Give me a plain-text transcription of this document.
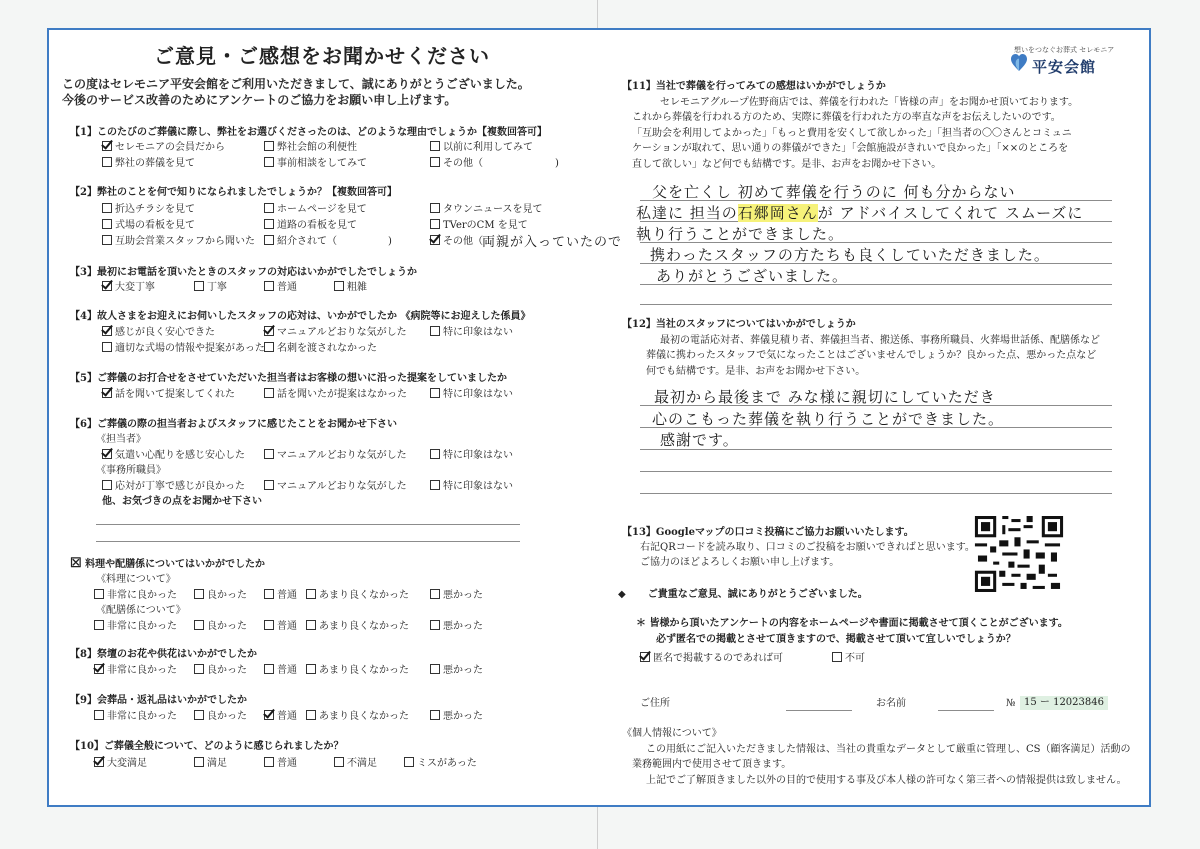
ご意見・ご感想をお聞かせください
この度はセレモニア平安会館をご利用いただきまして、誠にありがとうございました。
今後のサービス改善のためにアンケートのご協力をお願い申し上げます。
【1】このたびのご葬儀に際し、弊社をお選びくださったのは、どのような理由でしょうか【複数回答可】
セレモニアの会員だから	弊社会館の利便性	以前に利用してみて
弊社の葬儀を見て	事前相談をしてみて	その他（	)
【2】弊社のことを何で知りになられましたでしょうか？【複数回答可】
折込チラシを見て	ホームページを見て	タウンニュースを見て
式場の看板を見て	道路の看板を見て	TVerのCM を見て
互助会営業スタッフから聞いた	紹介されて（	)	その他（ 両親が入っていたので
【3】最初にお電話を頂いたときのスタッフの対応はいかがでしたでしょうか
大変丁寧	丁寧	普通	粗雑
【4】故人さまをお迎えにお伺いしたスタッフの応対は、いかがでしたか 《病院等にお迎えした係員》
感じが良く安心できた	マニュアルどおりな気がした	特に印象はない
適切な式場の情報や提案があった	名刺を渡されなかった
【5】ご葬儀のお打合せをさせていただいた担当者はお客様の想いに沿った提案をしていましたか
話を聞いて提案してくれた	話を聞いたが提案はなかった	特に印象はない
【6】ご葬儀の際の担当者およびスタッフに感じたことをお聞かせ下さい
《担当者》
気遣い心配りを感じ安心した	マニュアルどおりな気がした	特に印象はない
《事務所職員》
応対が丁寧で感じが良かった	マニュアルどおりな気がした	特に印象はない
他、お気づきの点をお聞かせ下さい
☒ 料理や配膳係についてはいかがでしたか
《料理について》
非常に良かった	良かった	普通	あまり良くなかった	悪かった
《配膳係について》
非常に良かった	良かった	普通	あまり良くなかった	悪かった
【8】祭壇のお花や供花はいかがでしたか
非常に良かった	良かった	普通	あまり良くなかった	悪かった
【9】会葬品・返礼品はいかがでしたか
非常に良かった	良かった	普通	あまり良くなかった	悪かった
【10】ご葬儀全般について、どのように感じられましたか？
大変満足	満足	普通	不満足	ミスがあった
想いをつなぐお葬式 セレモニア
平安会館
【11】当社で葬儀を行ってみての感想はいかがでしょうか
セレモニアグループ佐野商店では、葬儀を行われた「皆様の声」をお聞かせ頂いております。
これから葬儀を行われる方のため、実際に葬儀を行われた方の率直な声をお伝えしたいのです。
「互助会を利用してよかった」「もっと費用を安くして欲しかった」「担当者の〇〇さんとコミュニ
ケーションが取れて、思い通りの葬儀ができた」「会館施設がきれいで良かった」「××のところを
直して欲しい」など何でも結構です。是非、お声をお聞かせ下さい。
父を亡くし 初めて葬儀を行うのに 何も分からない
私達に 担当の石郷岡さんが アドバイスしてくれて スムーズに
執り行うことができました。
携わったスタッフの方たちも良くしていただきました。
ありがとうございました。
【12】当社のスタッフについてはいかがでしょうか
最初の電話応対者、葬儀見積り者、葬儀担当者、搬送係、事務所職員、火葬場世話係、配膳係など
葬儀に携わったスタッフで気になったことはございませんでしょうか？良かった点、悪かった点など
何でも結構です。是非、お声をお聞かせ下さい。
最初から最後まで みな様に親切にしていただき
心のこもった葬儀を執り行うことができました。
感謝です。
【13】Googleマップの口コミ投稿にご協力お願いいたします。
右記QRコードを読み取り、口コミのご投稿をお願いできればと思います。
ご協力のほどよろしくお願い申し上げます。
◆ ご貴重なご意見、誠にありがとうございました。
＊ 皆様から頂いたアンケートの内容をホームページや書面に掲載させて頂くことがございます。
必ず匿名での掲載とさせて頂きますので、掲載させて頂いて宜しいでしょうか？
匿名で掲載するのであれば可	不可
ご住所	お名前	№ 15 ー 12023846
《個人情報について》
この用紙にご記入いただきました情報は、当社の貴重なデータとして厳重に管理し、CS（顧客満足）活動の
業務範囲内で使用させて頂きます。
上記でご了解頂きました以外の目的で使用する事及び本人様の許可なく第三者への情報提供は致しません。
